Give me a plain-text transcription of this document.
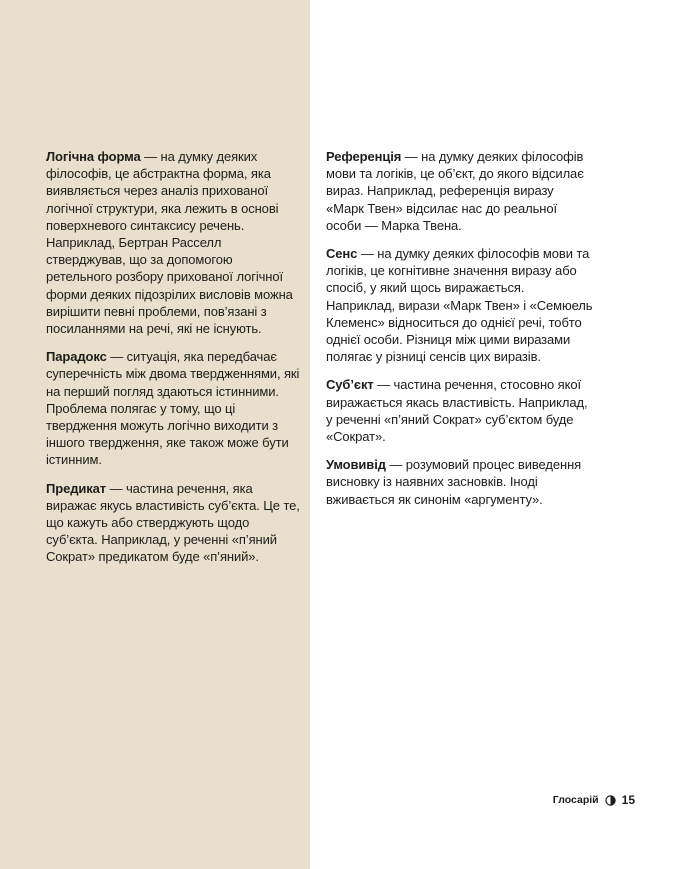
Логічна форма — на думку деяких філософів, це абстрактна форма, яка виявляється через аналіз прихованої логічної структури, яка лежить в основі поверхневого синтаксису речень. Наприклад, Бертран Расселл стверджував, що за допомогою ретельного розбору прихованої логічної форми деяких підозрілих висловів можна вирішити певні проблеми, пов’язані з посиланнями на речі, які не існують.

Парадокс — ситуація, яка передбачає суперечність між двома твердженнями, які на перший погляд здаються істинними. Проблема полягає у тому, що ці твердження можуть логічно виходити з іншого твердження, яке також може бути істинним.

Предикат — частина речення, яка виражає якусь властивість суб’єкта. Це те, що кажуть або стверджують щодо суб’єкта. Наприклад, у реченні «п’яний Сократ» предикатом буде «п’яний».

Референція — на думку деяких філософів мови та логіків, це об’єкт, до якого відсилає вираз. Наприклад, референція виразу «Марк Твен» відсилає нас до реальної особи — Марка Твена.

Сенс — на думку деяких філософів мови та логіків, це когнітивне значення виразу або спосіб, у який щось виражається. Наприклад, вирази «Марк Твен» і «Семюель Клеменс» відноситься до однієї речі, тобто однієї особи. Різниця між цими виразами полягає у різниці сенсів цих виразів.

Суб’єкт — частина речення, стосовно якої виражається якась властивість. Наприклад, у реченні «п’яний Сократ» суб’єктом буде «Сократ».

Умовивід — розумовий процес виведення висновку із наявних засновків. Іноді вживається як синонім «аргументу».

Глосарій 15
